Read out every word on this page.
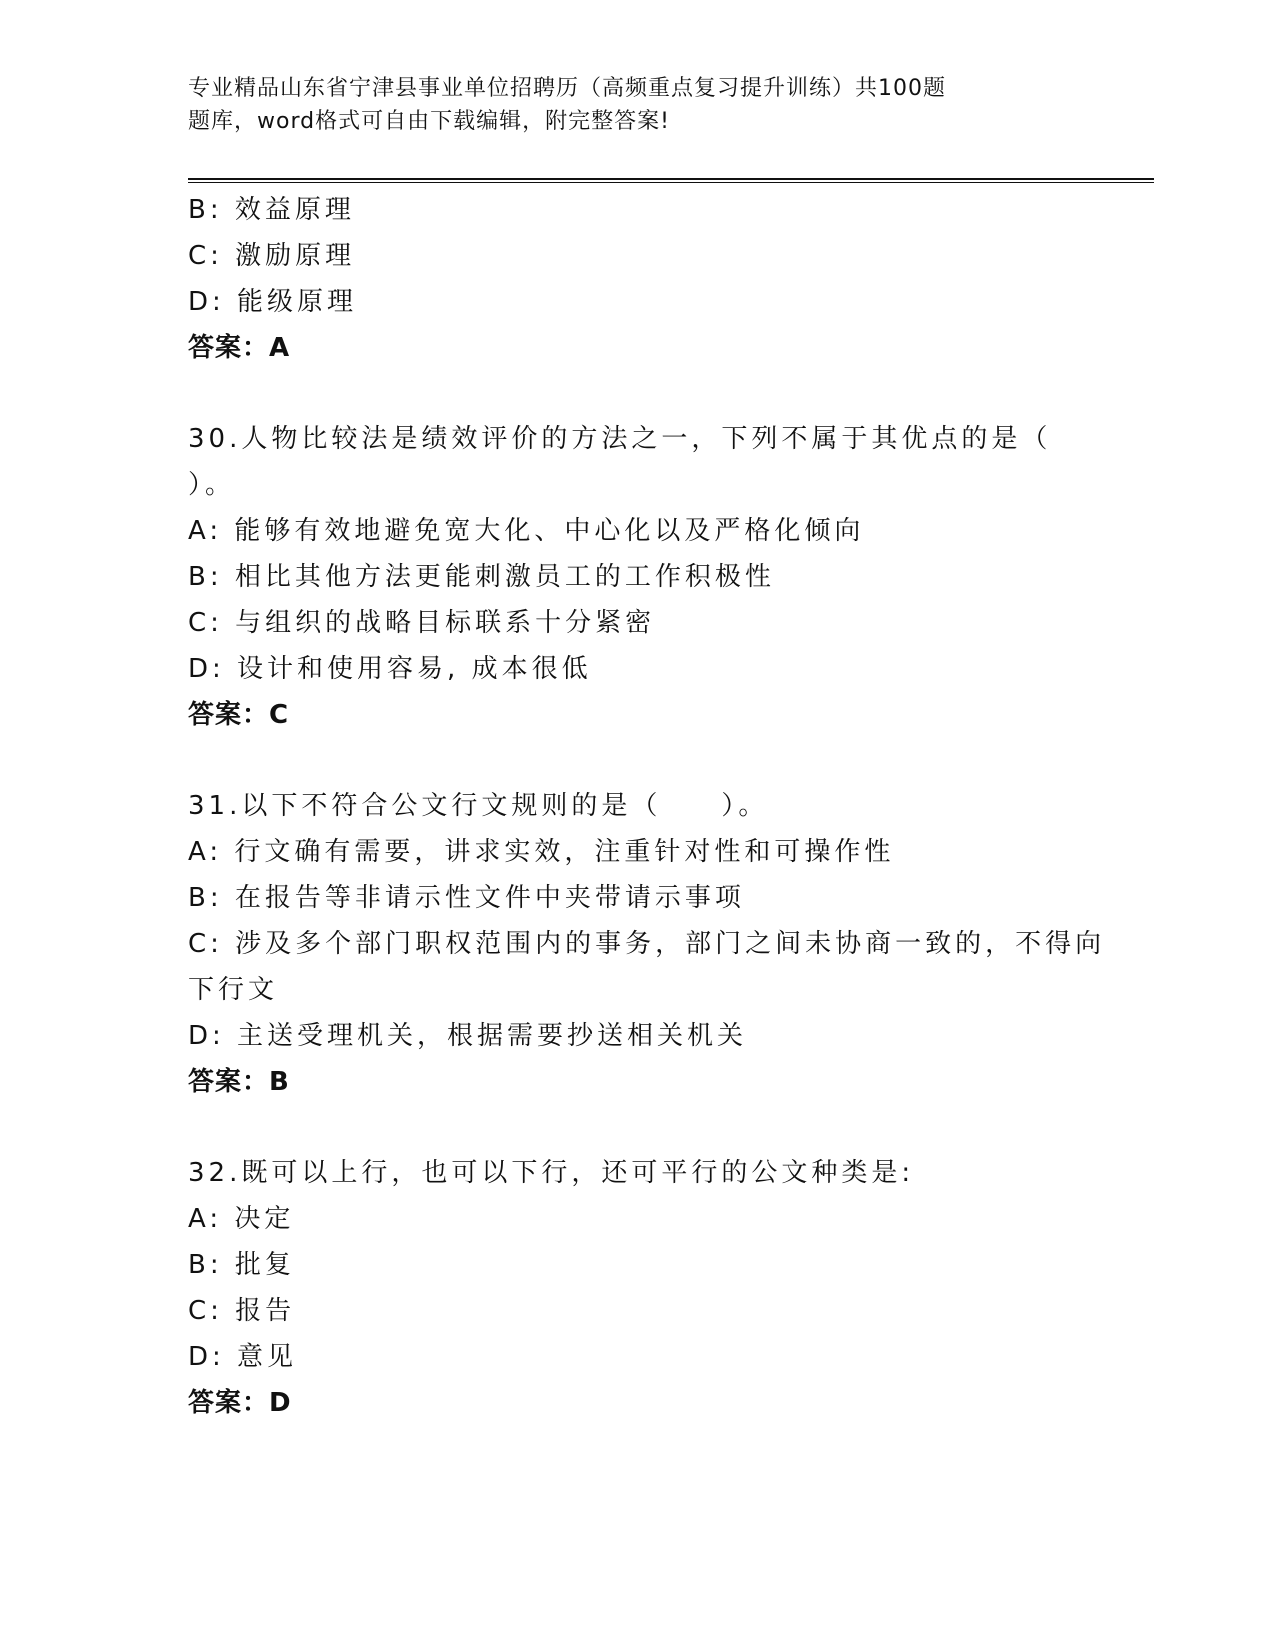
专业精品山东省宁津县事业单位招聘历（高频重点复习提升训练）共100题
题库，word格式可自由下载编辑，附完整答案!
B: 效益原理
C: 激励原理
D: 能级原理
答案：A
30.人物比较法是绩效评价的方法之一，下列不属于其优点的是（
）。
A: 能够有效地避免宽大化、中心化以及严格化倾向
B: 相比其他方法更能刺激员工的工作积极性
C: 与组织的战略目标联系十分紧密
D: 设计和使用容易, 成本很低
答案：C
31.以下不符合公文行文规则的是（　　）。
A: 行文确有需要，讲求实效，注重针对性和可操作性
B: 在报告等非请示性文件中夹带请示事项
C: 涉及多个部门职权范围内的事务，部门之间未协商一致的，不得向
下行文
D: 主送受理机关，根据需要抄送相关机关
答案：B
32.既可以上行，也可以下行，还可平行的公文种类是:
A: 决定
B: 批复
C: 报告
D: 意见
答案：D
